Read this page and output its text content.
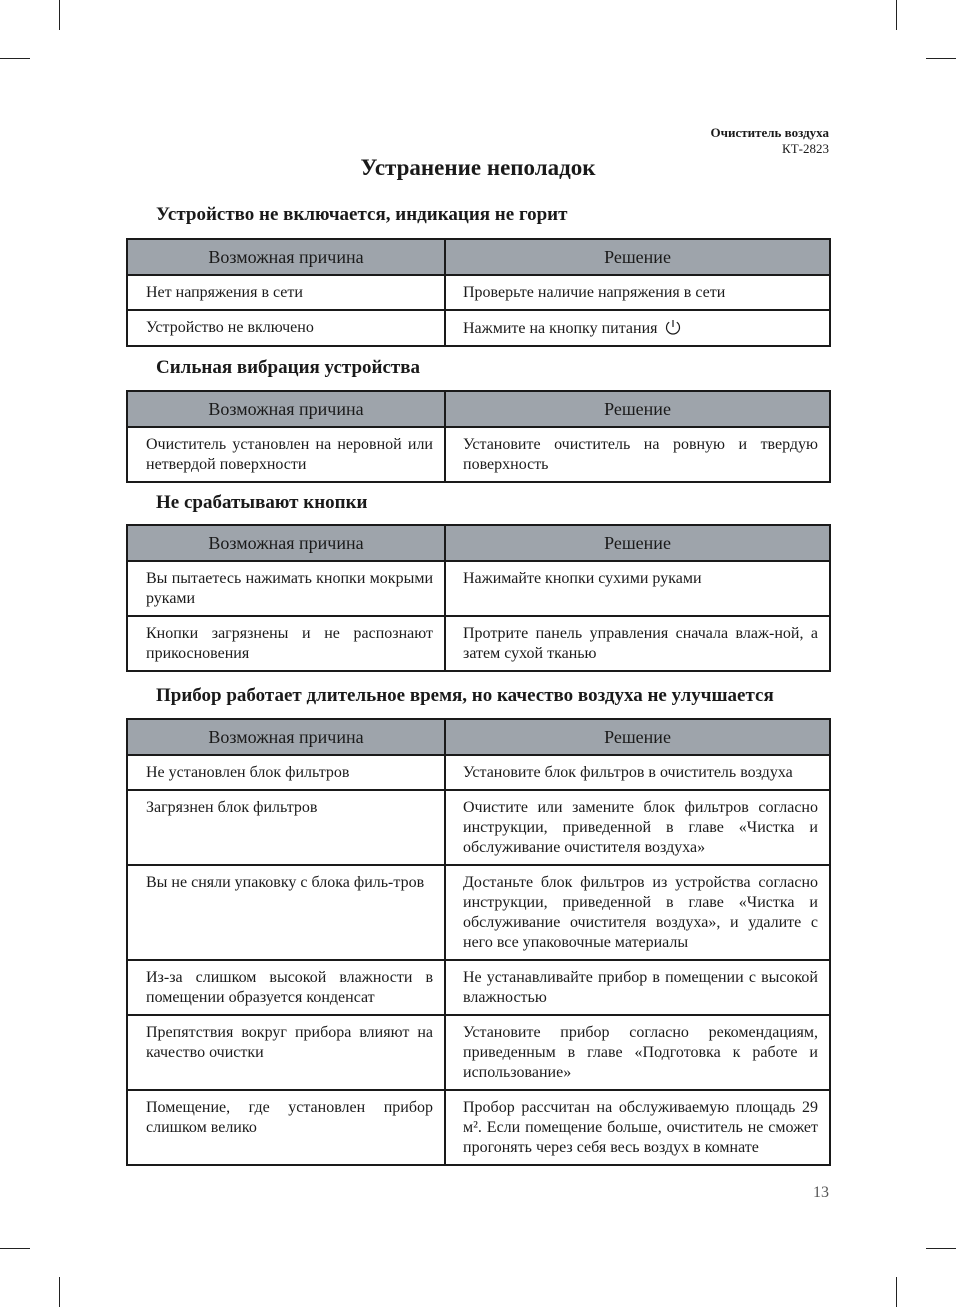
Очиститель воздуха
КТ-2823
Устранение неполадок
Устройство не включается, индикация не горит
Возможная причина	Решение
Нет напряжения в сети	Проверьте наличие напряжения в сети
Устройство не включено	Нажмите на кнопку питания
Сильная вибрация устройства
Возможная причина	Решение
Очиститель установлен на неровной или нетвердой поверхности	Установите очиститель на ровную и твердую поверхность
Не срабатывают кнопки
Возможная причина	Решение
Вы пытаетесь нажимать кнопки мокрыми руками	Нажимайте кнопки сухими руками
Кнопки загрязнены и не распознают прикосновения	Протрите панель управления сначала влаж-ной, а затем сухой тканью
Прибор работает длительное время, но качество воздуха не улучшается
Возможная причина	Решение
Не установлен блок фильтров	Установите блок фильтров в очиститель воздуха
Загрязнен блок фильтров	Очистите или замените блок фильтров согласно инструкции, приведенной в главе «Чистка и обслуживание очистителя воздуха»
Вы не сняли упаковку с блока филь-тров	Достаньте блок фильтров из устройства согласно инструкции, приведенной в главе «Чистка и обслуживание очистителя воздуха», и удалите с него все упаковочные материалы
Из-за слишком высокой влажности в помещении образуется конденсат	Не устанавливайте прибор в помещении с высокой влажностью
Препятствия вокруг прибора влияют на качество очистки	Установите прибор согласно рекомендациям, приведенным в главе «Подготовка к работе и использование»
Помещение, где установлен прибор слишком велико	Пробор рассчитан на обслуживаемую площадь 29 м². Если помещение больше, очиститель не сможет прогонять через себя весь воздух в комнате
13
